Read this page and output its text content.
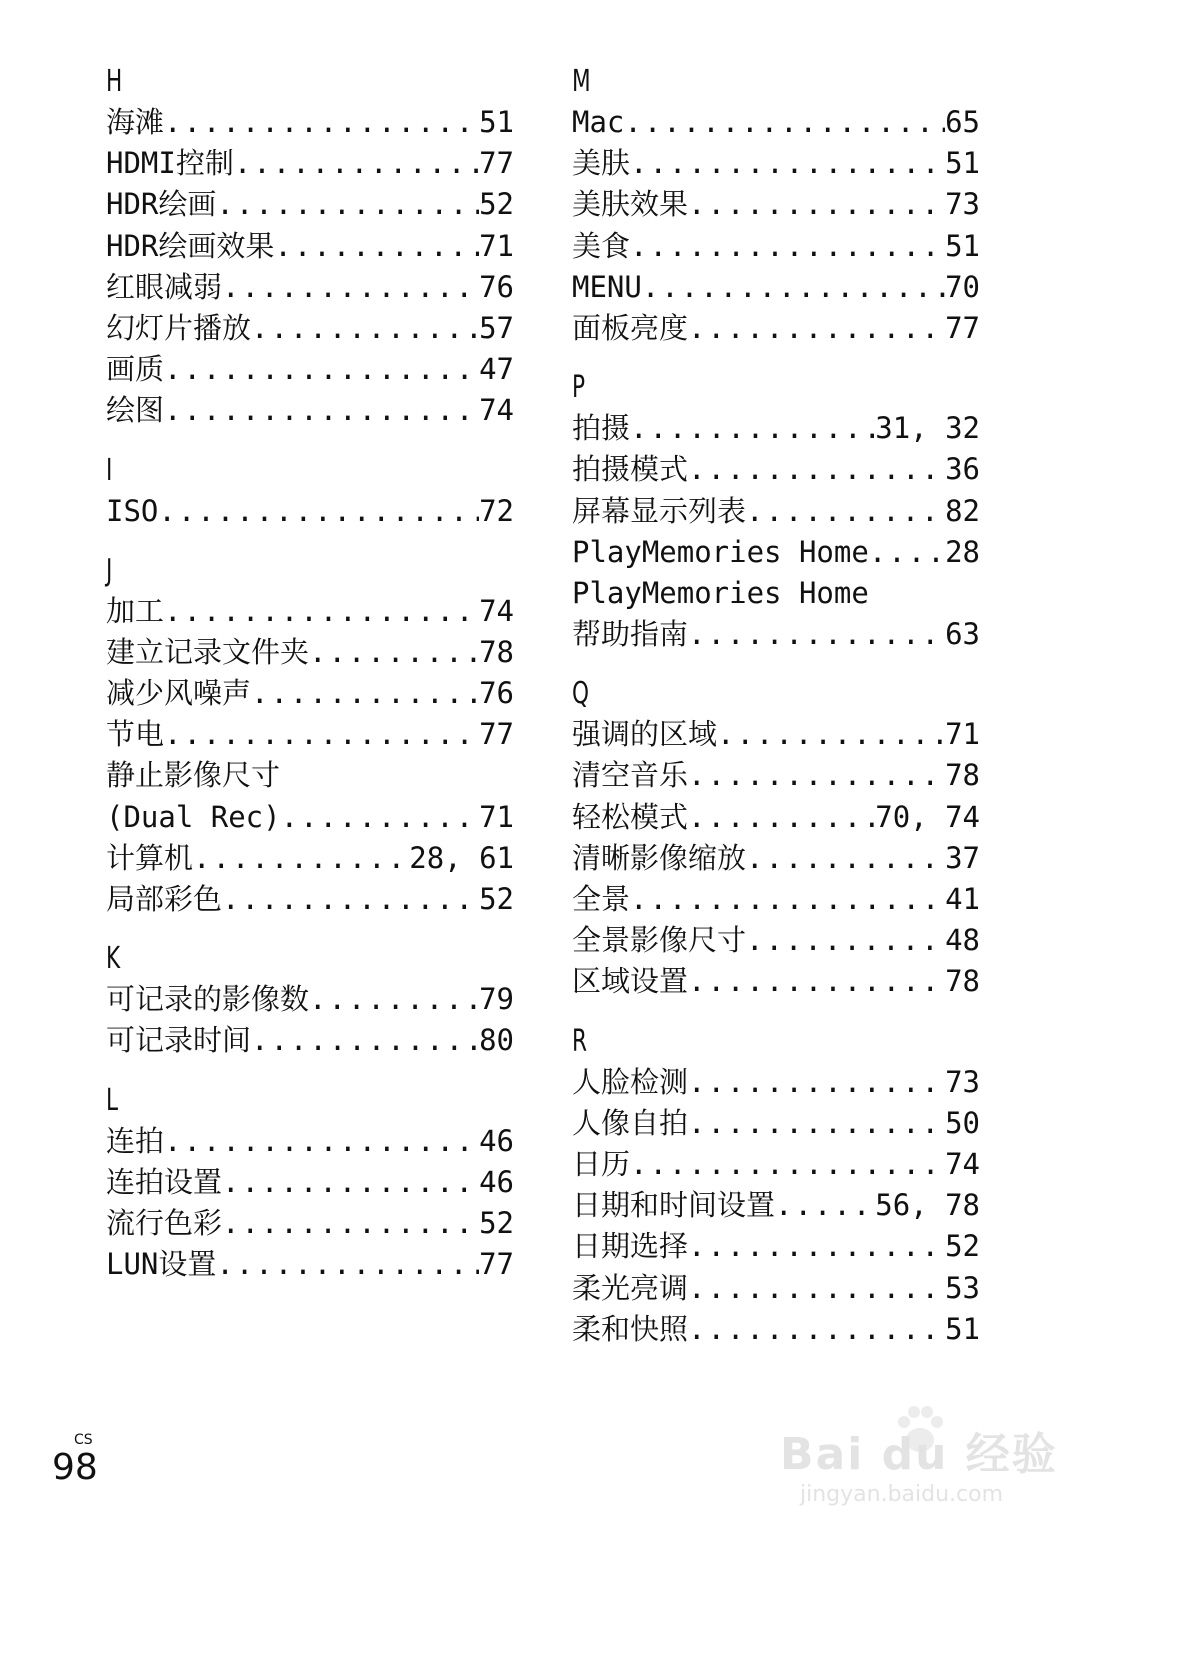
H
海滩 .....	51
HDMI控制 .....	77
HDR绘画 .....	52
HDR绘画效果 .....	71
红眼减弱 .....	76
幻灯片播放 .....	57
画质 .....	47
绘图 .....	74
I
ISO .....	72
J
加工 .....	74
建立记录文件夹 .....	78
减少风噪声 .....	76
节电 .....	77
静止影像尺寸
(Dual Rec) .....	71
计算机 .....	28, 61
局部彩色 .....	52
K
可记录的影像数 .....	79
可记录时间 .....	80
L
连拍 .....	46
连拍设置 .....	46
流行色彩 .....	52
LUN设置 .....	77
M
Mac .....	65
美肤 .....	51
美肤效果 .....	73
美食 .....	51
MENU .....	70
面板亮度 .....	77
P
拍摄 .....	31, 32
拍摄模式 .....	36
屏幕显示列表 .....	82
PlayMemories Home .....	28
PlayMemories Home
帮助指南 .....	63
Q
强调的区域 .....	71
清空音乐 .....	78
轻松模式 .....	70, 74
清晰影像缩放 .....	37
全景 .....	41
全景影像尺寸 .....	48
区域设置 .....	78
R
人脸检测 .....	73
人像自拍 .....	50
日历 .....	74
日期和时间设置 .....	56, 78
日期选择 .....	52
柔光亮调 .....	53
柔和快照 .....	51
CS
98	Bai du 经验
jingyan.baidu.com
